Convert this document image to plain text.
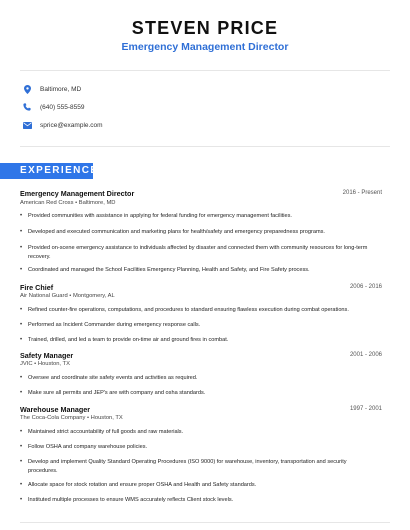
STEVEN PRICE
Emergency Management Director
Baltimore, MD
(640) 555-8559
sprice@example.com
EXPERIENCE
Emergency Management Director	2016 - Present
American Red Cross • Baltimore, MD
• Provided communities with assistance in applying for federal funding for emergency management facilities.
• Developed and executed communication and marketing plans for health/safety and emergency preparedness programs.
• Provided on-scene emergency assistance to individuals affected by disaster and connected them with community resources for long-term recovery.
• Coordinated and managed the School Facilities Emergency Planning, Health and Safety, and Fire Safety process.
Fire Chief	2006 - 2016
Air National Guard • Montgomery, AL
• Refined counter-fire operations, computations, and procedures to standard ensuring flawless execution during combat operations.
• Performed as Incident Commander during emergency response calls.
• Trained, drilled, and led a team to provide on-time air and ground fires in combat.
Safety Manager	2001 - 2006
JVIC • Houston, TX
• Oversee and coordinate site safety events and activities as required.
• Make sure all permits and JEP's are with company and osha standards.
Warehouse Manager	1997 - 2001
The Coca-Cola Company • Houston, TX
• Maintained strict accountability of full goods and raw materials.
• Follow OSHA and company warehouse policies.
• Develop and implement Quality Standard Operating Procedures (ISO 9000) for warehouse, inventory, transportation and security procedures.
• Allocate space for stock rotation and ensure proper OSHA and Health and Safety standards.
• Instituted multiple processes to ensure WMS accurately reflects Client stock levels.
